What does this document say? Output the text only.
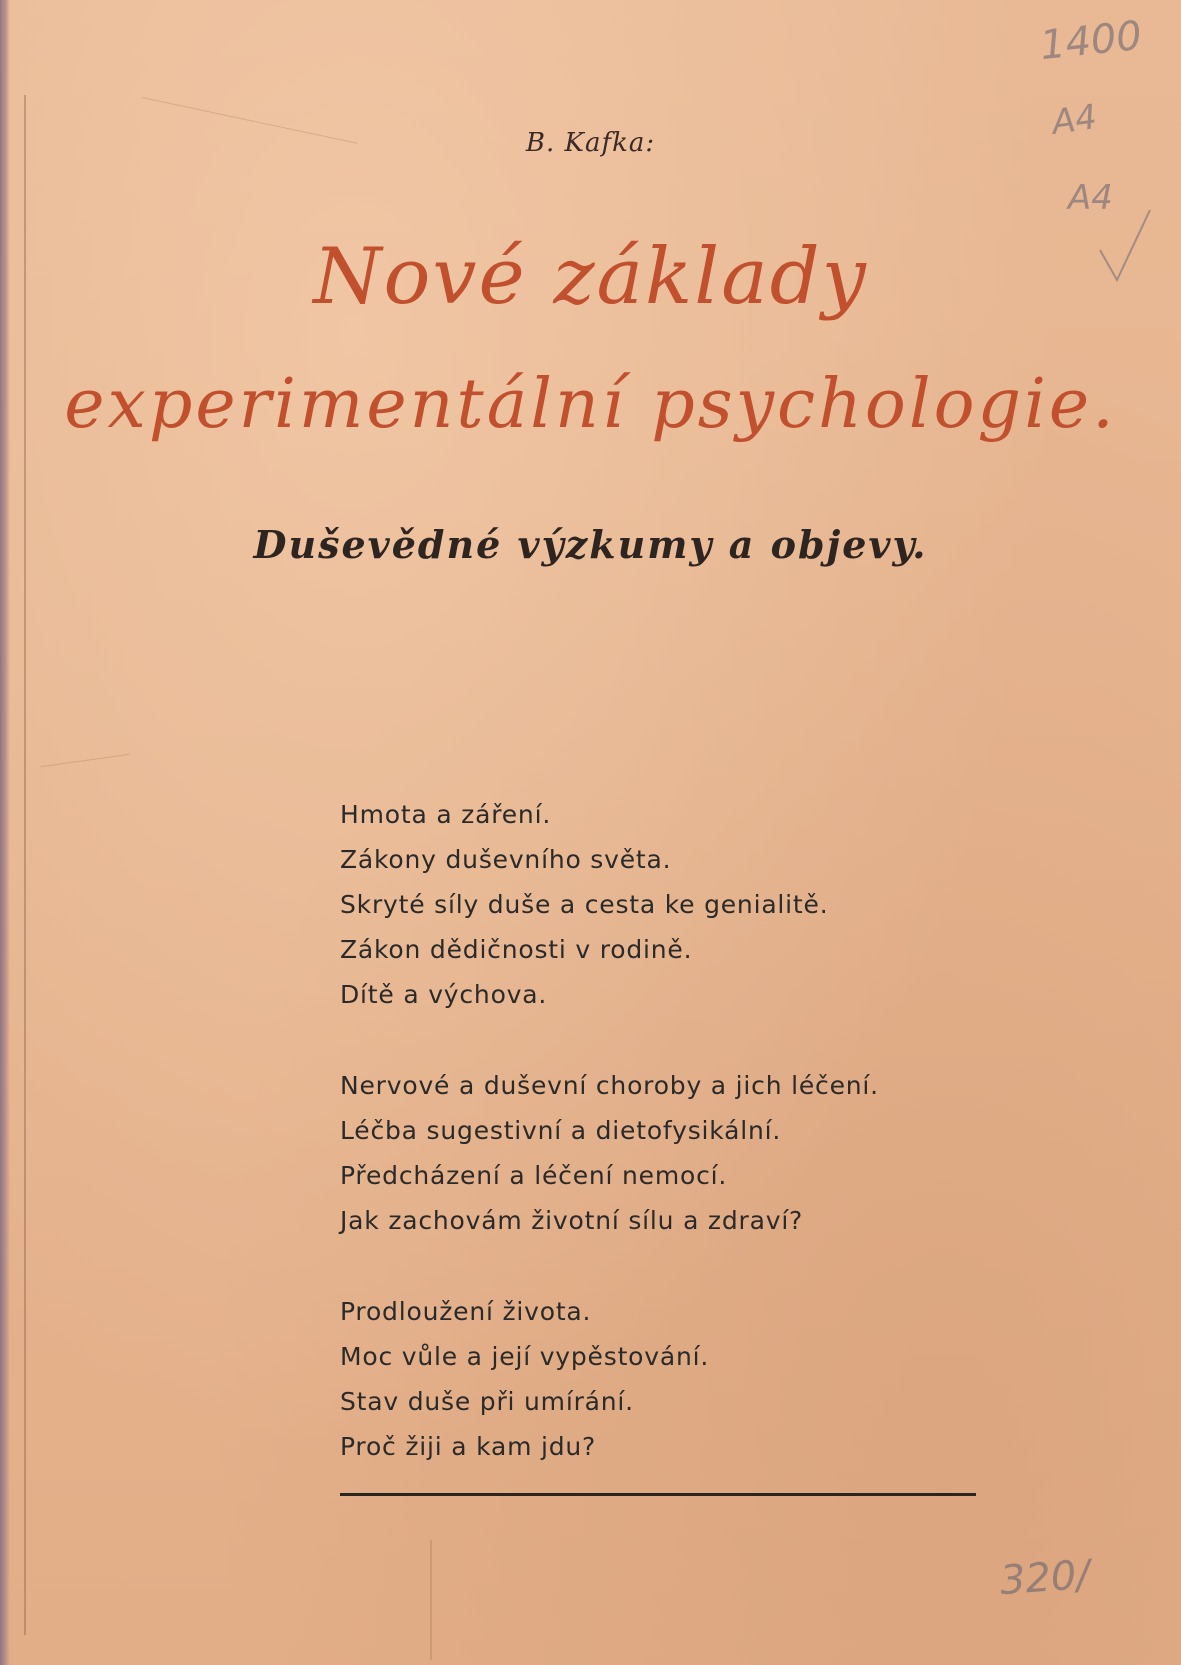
1400
A4
A4
B. Kafka:
Nové základy
experimentální psychologie.
Duševědné výzkumy a objevy.
Hmota a záření.
Zákony duševního světa.
Skryté síly duše a cesta ke genialitě.
Zákon dědičnosti v rodině.
Dítě a výchova.
Nervové a duševní choroby a jich léčení.
Léčba sugestivní a dietofysikální.
Předcházení a léčení nemocí.
Jak zachovám životní sílu a zdraví?
Prodloužení života.
Moc vůle a její vypěstování.
Stav duše při umírání.
Proč žiji a kam jdu?
320/
